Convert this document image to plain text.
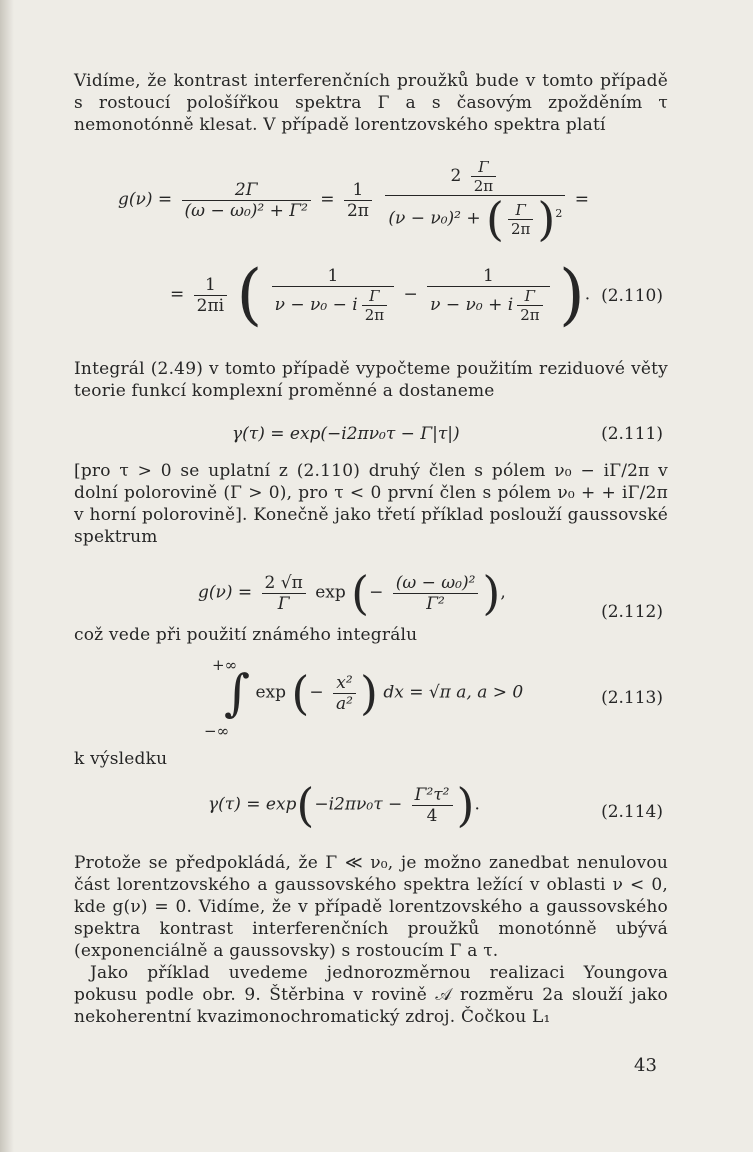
Vidíme, že kontrast interferenčních proužků bude v tomto případě s rostoucí pološířkou spektra Γ a s časovým zpožděním τ nemonotónně klesat. V případě lorentzovského spektra platí
$g(\nu) = \frac{2\Gamma}{\text{(ω − ω₀)² + Γ²}} = \frac{1}{2\pi}$
$\frac{2 \frac{\Gamma}{2\pi}}{(\nu - \nu_0)^2 + ( \frac{\Gamma}{2\pi} )^2}$ =
= $\frac{1}{2\pi i}$ ( $\frac{1}{\nu - \nu_0 - i \frac{\Gamma}{2\pi}} - \frac{1}{\nu - \nu_0 + i \frac{\Gamma}{2\pi}}$ ). (2.110)
Integrál (2.49) v tomto případě vypočteme použitím reziduové věty teorie funkcí komplexní proměnné a dostaneme
γ(τ) = exp(−i2πν₀τ − Γ|τ|)	(2.111)
[pro τ > 0 se uplatní z (2.110) druhý člen s pólem ν₀ − iΓ/2π v dolní polorovině (Γ > 0), pro τ < 0 první člen s pólem ν₀ + + iΓ/2π v horní polorovině]. Konečně jako třetí příklad poslouží gaussovské spektrum
$g(\nu) = \frac{2 √\pi}{\Gamma}$ exp (− $\frac{\text{(ω − ω₀)²}}{\text{Γ²}}$ ),
(2.112)
což vede při použití známého integrálu
+∞
∫ exp (− $\frac{\text{x²}}{\text{a²}}$ ) dx = √π a, a > 0
−∞
(2.113)
k výsledku
$\gamma(\tau) = \exp(-i2\pi\nu_0\tau - \frac{\text{Γ²τ²}}{4}$ ).	(2.114)
Protože se předpokládá, že Γ ≪ ν₀, je možno zanedbat nenulovou část lorentzovského a gaussovského spektra ležící v oblasti ν < 0, kde g(ν) = 0. Vidíme, že v případě lorentzovského a gaussovského spektra kontrast interferenčních proužků monotónně ubývá (exponenciálně a gaussovsky) s rostoucím Γ a τ.
Jako příklad uvedeme jednorozměrnou realizaci Youngova pokusu podle obr. 9. Štěrbina v rovině 𝒜 rozměru 2a slouží jako nekoherentní kvazimonochromatický zdroj. Čočkou L₁
43
